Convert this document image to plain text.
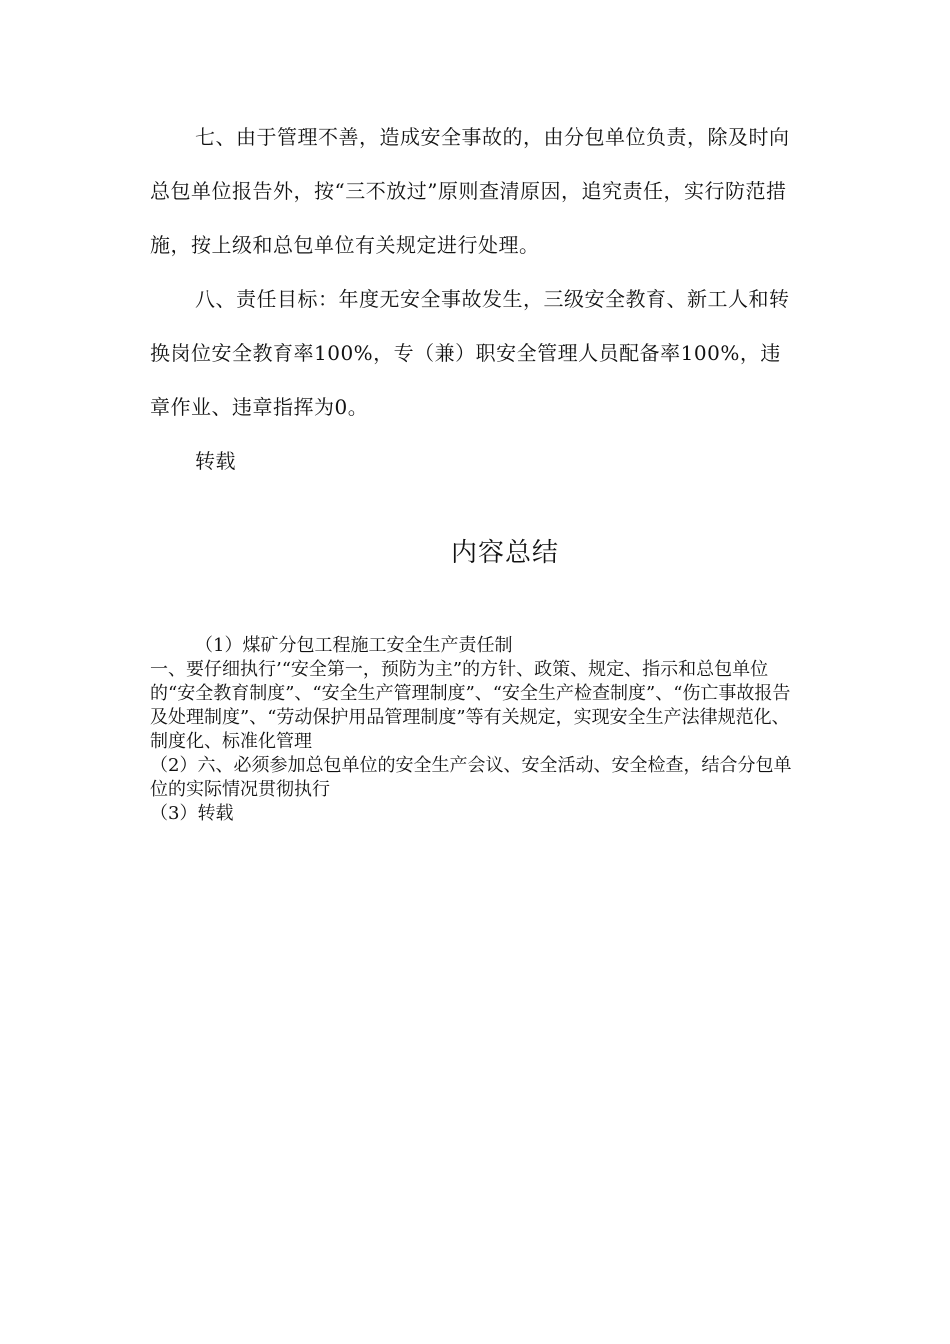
七、由于管理不善，造成安全事故的，由分包单位负责，除及时向总包单位报告外，按“三不放过”原则查清原因，追究责任，实行防范措施，按上级和总包单位有关规定进行处理。

八、责任目标：年度无安全事故发生，三级安全教育、新工人和转换岗位安全教育率100%，专（兼）职安全管理人员配备率100%，违章作业、违章指挥为0。

转载

内容总结

（1）煤矿分包工程施工安全生产责任制

一、要仔细执行’“安全第一，预防为主”的方针、政策、规定、指示和总包单位的“安全教育制度”、“安全生产管理制度”、“安全生产检查制度”、“伤亡事故报告及处理制度”、“劳动保护用品管理制度”等有关规定，实现安全生产法律规范化、制度化、标准化管理

（2）六、必须参加总包单位的安全生产会议、安全活动、安全检查，结合分包单位的实际情况贯彻执行

（3）转载
